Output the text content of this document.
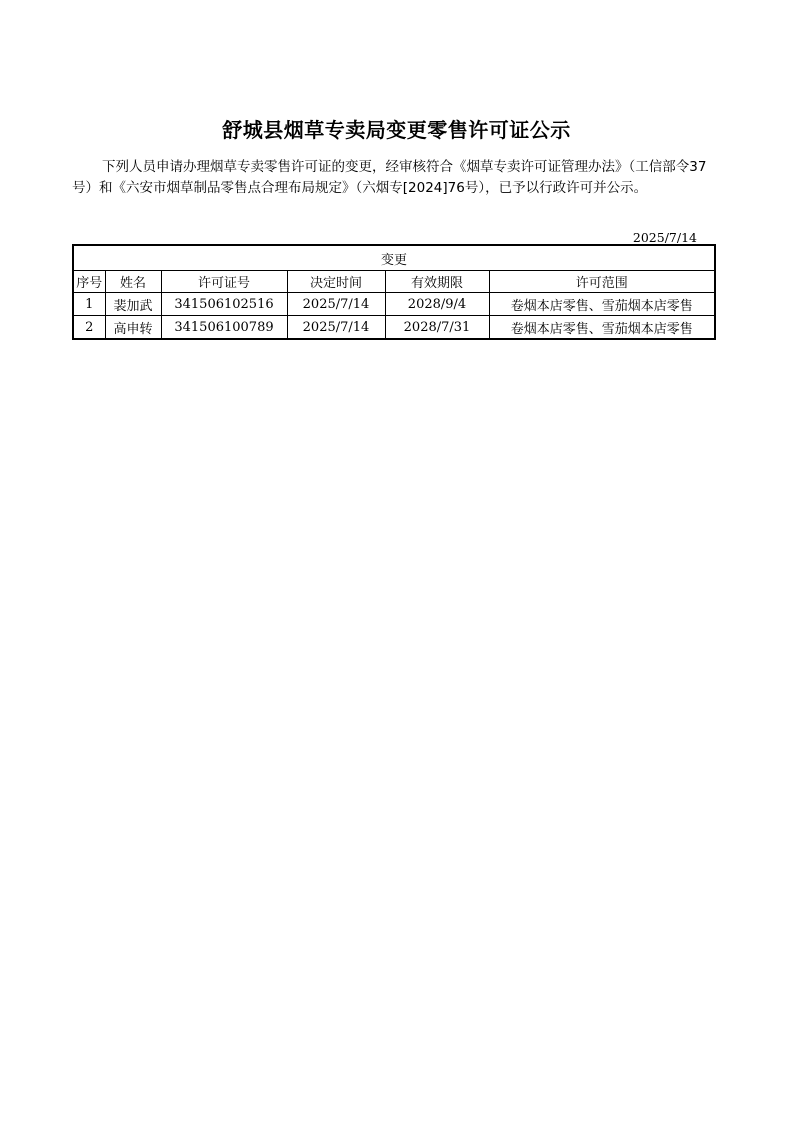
舒城县烟草专卖局变更零售许可证公示
下列人员申请办理烟草专卖零售许可证的变更，经审核符合《烟草专卖许可证管理办法》（工信部令37号）和《六安市烟草制品零售点合理布局规定》（六烟专[2024]76号），已予以行政许可并公示。
2025/7/14
变更					
序号	姓名	许可证号	决定时间	有效期限	许可范围
1	裴加武	341506102516	2025/7/14	2028/9/4	卷烟本店零售、雪茄烟本店零售
2	高申转	341506100789	2025/7/14	2028/7/31	卷烟本店零售、雪茄烟本店零售
